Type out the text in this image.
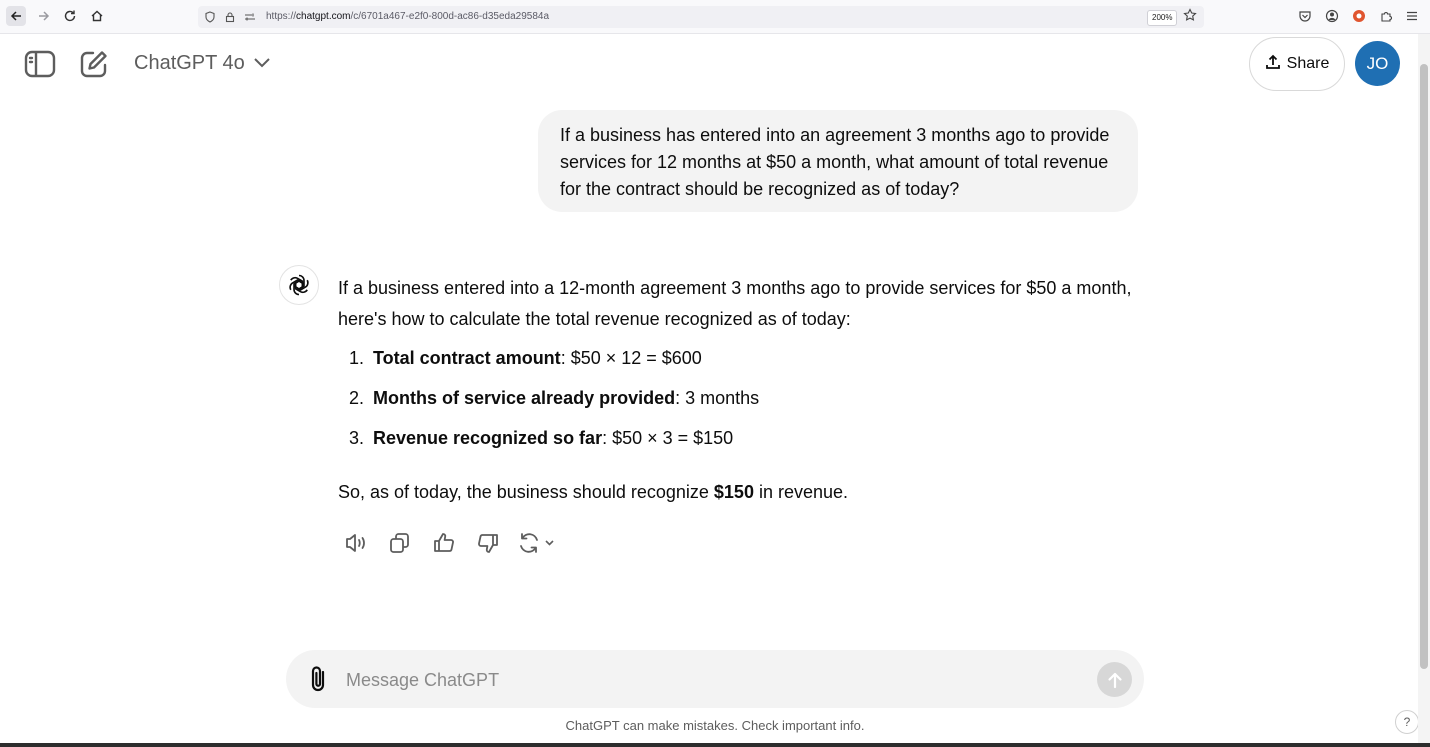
https://chatgpt.com/c/6701a467-e2f0-800d-ac86-d35eda29584a	200%
ChatGPT 4o	Share	JO
If a business has entered into an agreement 3 months ago to provide services for 12 months at $50 a month, what amount of total revenue for the contract should be recognized as of today?

If a business entered into a 12-month agreement 3 months ago to provide services for $50 a month, here's how to calculate the total revenue recognized as of today:

1. Total contract amount: $50 × 12 = $600
2. Months of service already provided: 3 months
3. Revenue recognized so far: $50 × 3 = $150

So, as of today, the business should recognize $150 in revenue.

Message ChatGPT
ChatGPT can make mistakes. Check important info.	?
